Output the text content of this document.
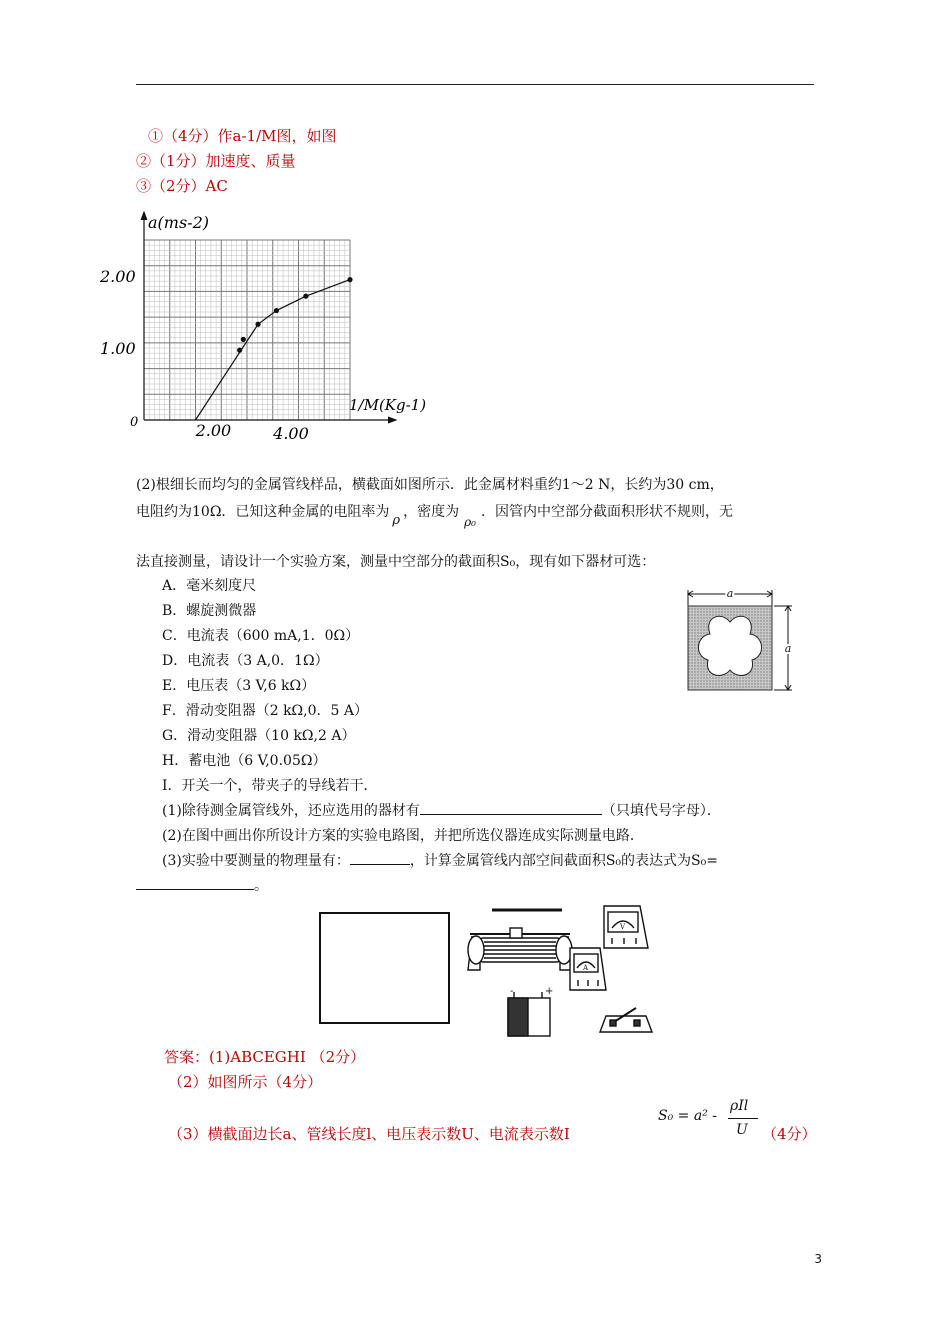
①（4分）作a-1/M图，如图
②（1分）加速度、质量
③（2分）AC
2.00	4.00
1.00
2.00
0
a(ms-2)
1/M(Kg-1)
(2)根细长而均匀的金属管线样品，横截面如图所示．此金属材料重约1～2 N，长约为30 cm，
电阻约为10Ω．已知这种金属的电阻率为ρ，密度为ρ₀．因管内中空部分截面积形状不规则，无
法直接测量，请设计一个实验方案，测量中空部分的截面积S₀，现有如下器材可选：
A．毫米刻度尺
B．螺旋测微器
C．电流表（600 mA,1．0Ω）
D．电流表（3 A,0．1Ω）
E．电压表（3 V,6 kΩ）
F．滑动变阻器（2 kΩ,0．5 A）
G．滑动变阻器（10 kΩ,2 A）
H．蓄电池（6 V,0.05Ω）
I．开关一个，带夹子的导线若干．
(1)除待测金属管线外，还应选用的器材有	（只填代号字母）．
(2)在图中画出你所设计方案的实验电路图，并把所选仪器连成实际测量电路．
(3)实验中要测量的物理量有：	，计算金属管线内部空间截面积S₀的表达式为S₀=
。
a
a
-	+
A
V
答案：(1)ABCEGHI （2分）
（2）如图所示（4分）
（3）横截面边长a、管线长度l、电压表示数U、电流表示数I
S₀ = a² -
ρIl
U （4分）
3
